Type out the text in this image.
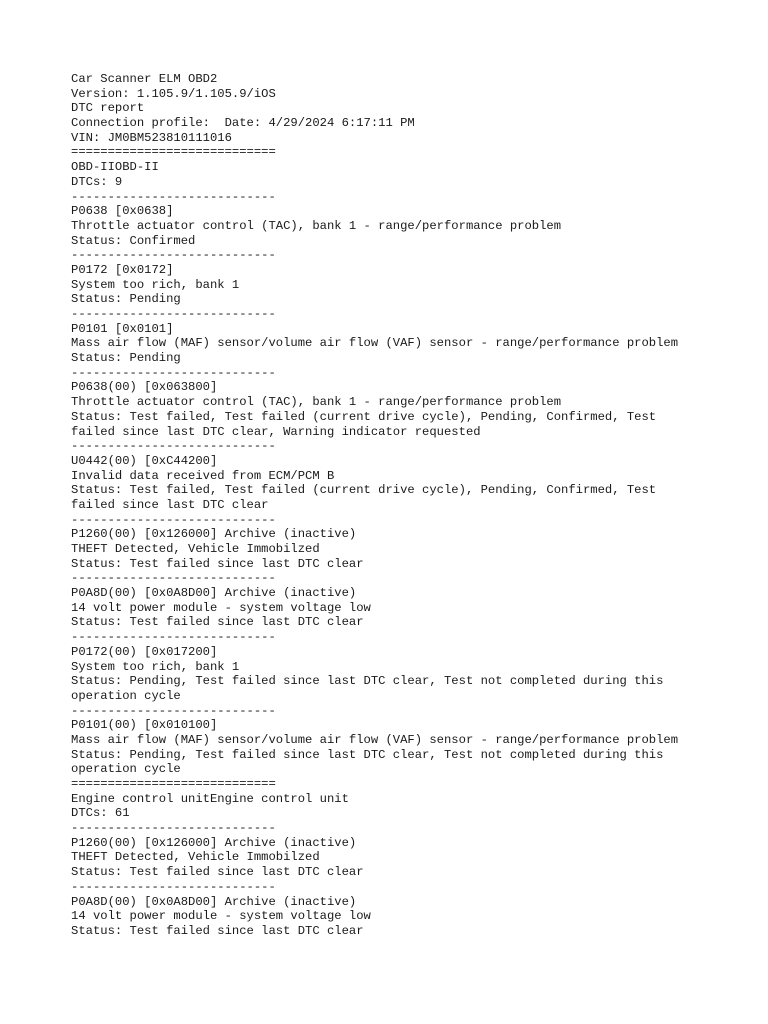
Car Scanner ELM OBD2
Version: 1.105.9/1.105.9/iOS
DTC report
Connection profile:  Date: 4/29/2024 6:17:11 PM
VIN: JM0BM523810111016
============================
OBD-IIOBD-II
DTCs: 9
----------------------------
P0638 [0x0638]
Throttle actuator control (TAC), bank 1 - range/performance problem
Status: Confirmed
----------------------------
P0172 [0x0172]
System too rich, bank 1
Status: Pending
----------------------------
P0101 [0x0101]
Mass air flow (MAF) sensor/volume air flow (VAF) sensor - range/performance problem
Status: Pending
----------------------------
P0638(00) [0x063800]
Throttle actuator control (TAC), bank 1 - range/performance problem
Status: Test failed, Test failed (current drive cycle), Pending, Confirmed, Test
failed since last DTC clear, Warning indicator requested
----------------------------
U0442(00) [0xC44200]
Invalid data received from ECM/PCM B
Status: Test failed, Test failed (current drive cycle), Pending, Confirmed, Test
failed since last DTC clear
----------------------------
P1260(00) [0x126000] Archive (inactive)
THEFT Detected, Vehicle Immobilzed
Status: Test failed since last DTC clear
----------------------------
P0A8D(00) [0x0A8D00] Archive (inactive)
14 volt power module - system voltage low
Status: Test failed since last DTC clear
----------------------------
P0172(00) [0x017200]
System too rich, bank 1
Status: Pending, Test failed since last DTC clear, Test not completed during this
operation cycle
----------------------------
P0101(00) [0x010100]
Mass air flow (MAF) sensor/volume air flow (VAF) sensor - range/performance problem
Status: Pending, Test failed since last DTC clear, Test not completed during this
operation cycle
============================
Engine control unitEngine control unit
DTCs: 61
----------------------------
P1260(00) [0x126000] Archive (inactive)
THEFT Detected, Vehicle Immobilzed
Status: Test failed since last DTC clear
----------------------------
P0A8D(00) [0x0A8D00] Archive (inactive)
14 volt power module - system voltage low
Status: Test failed since last DTC clear
